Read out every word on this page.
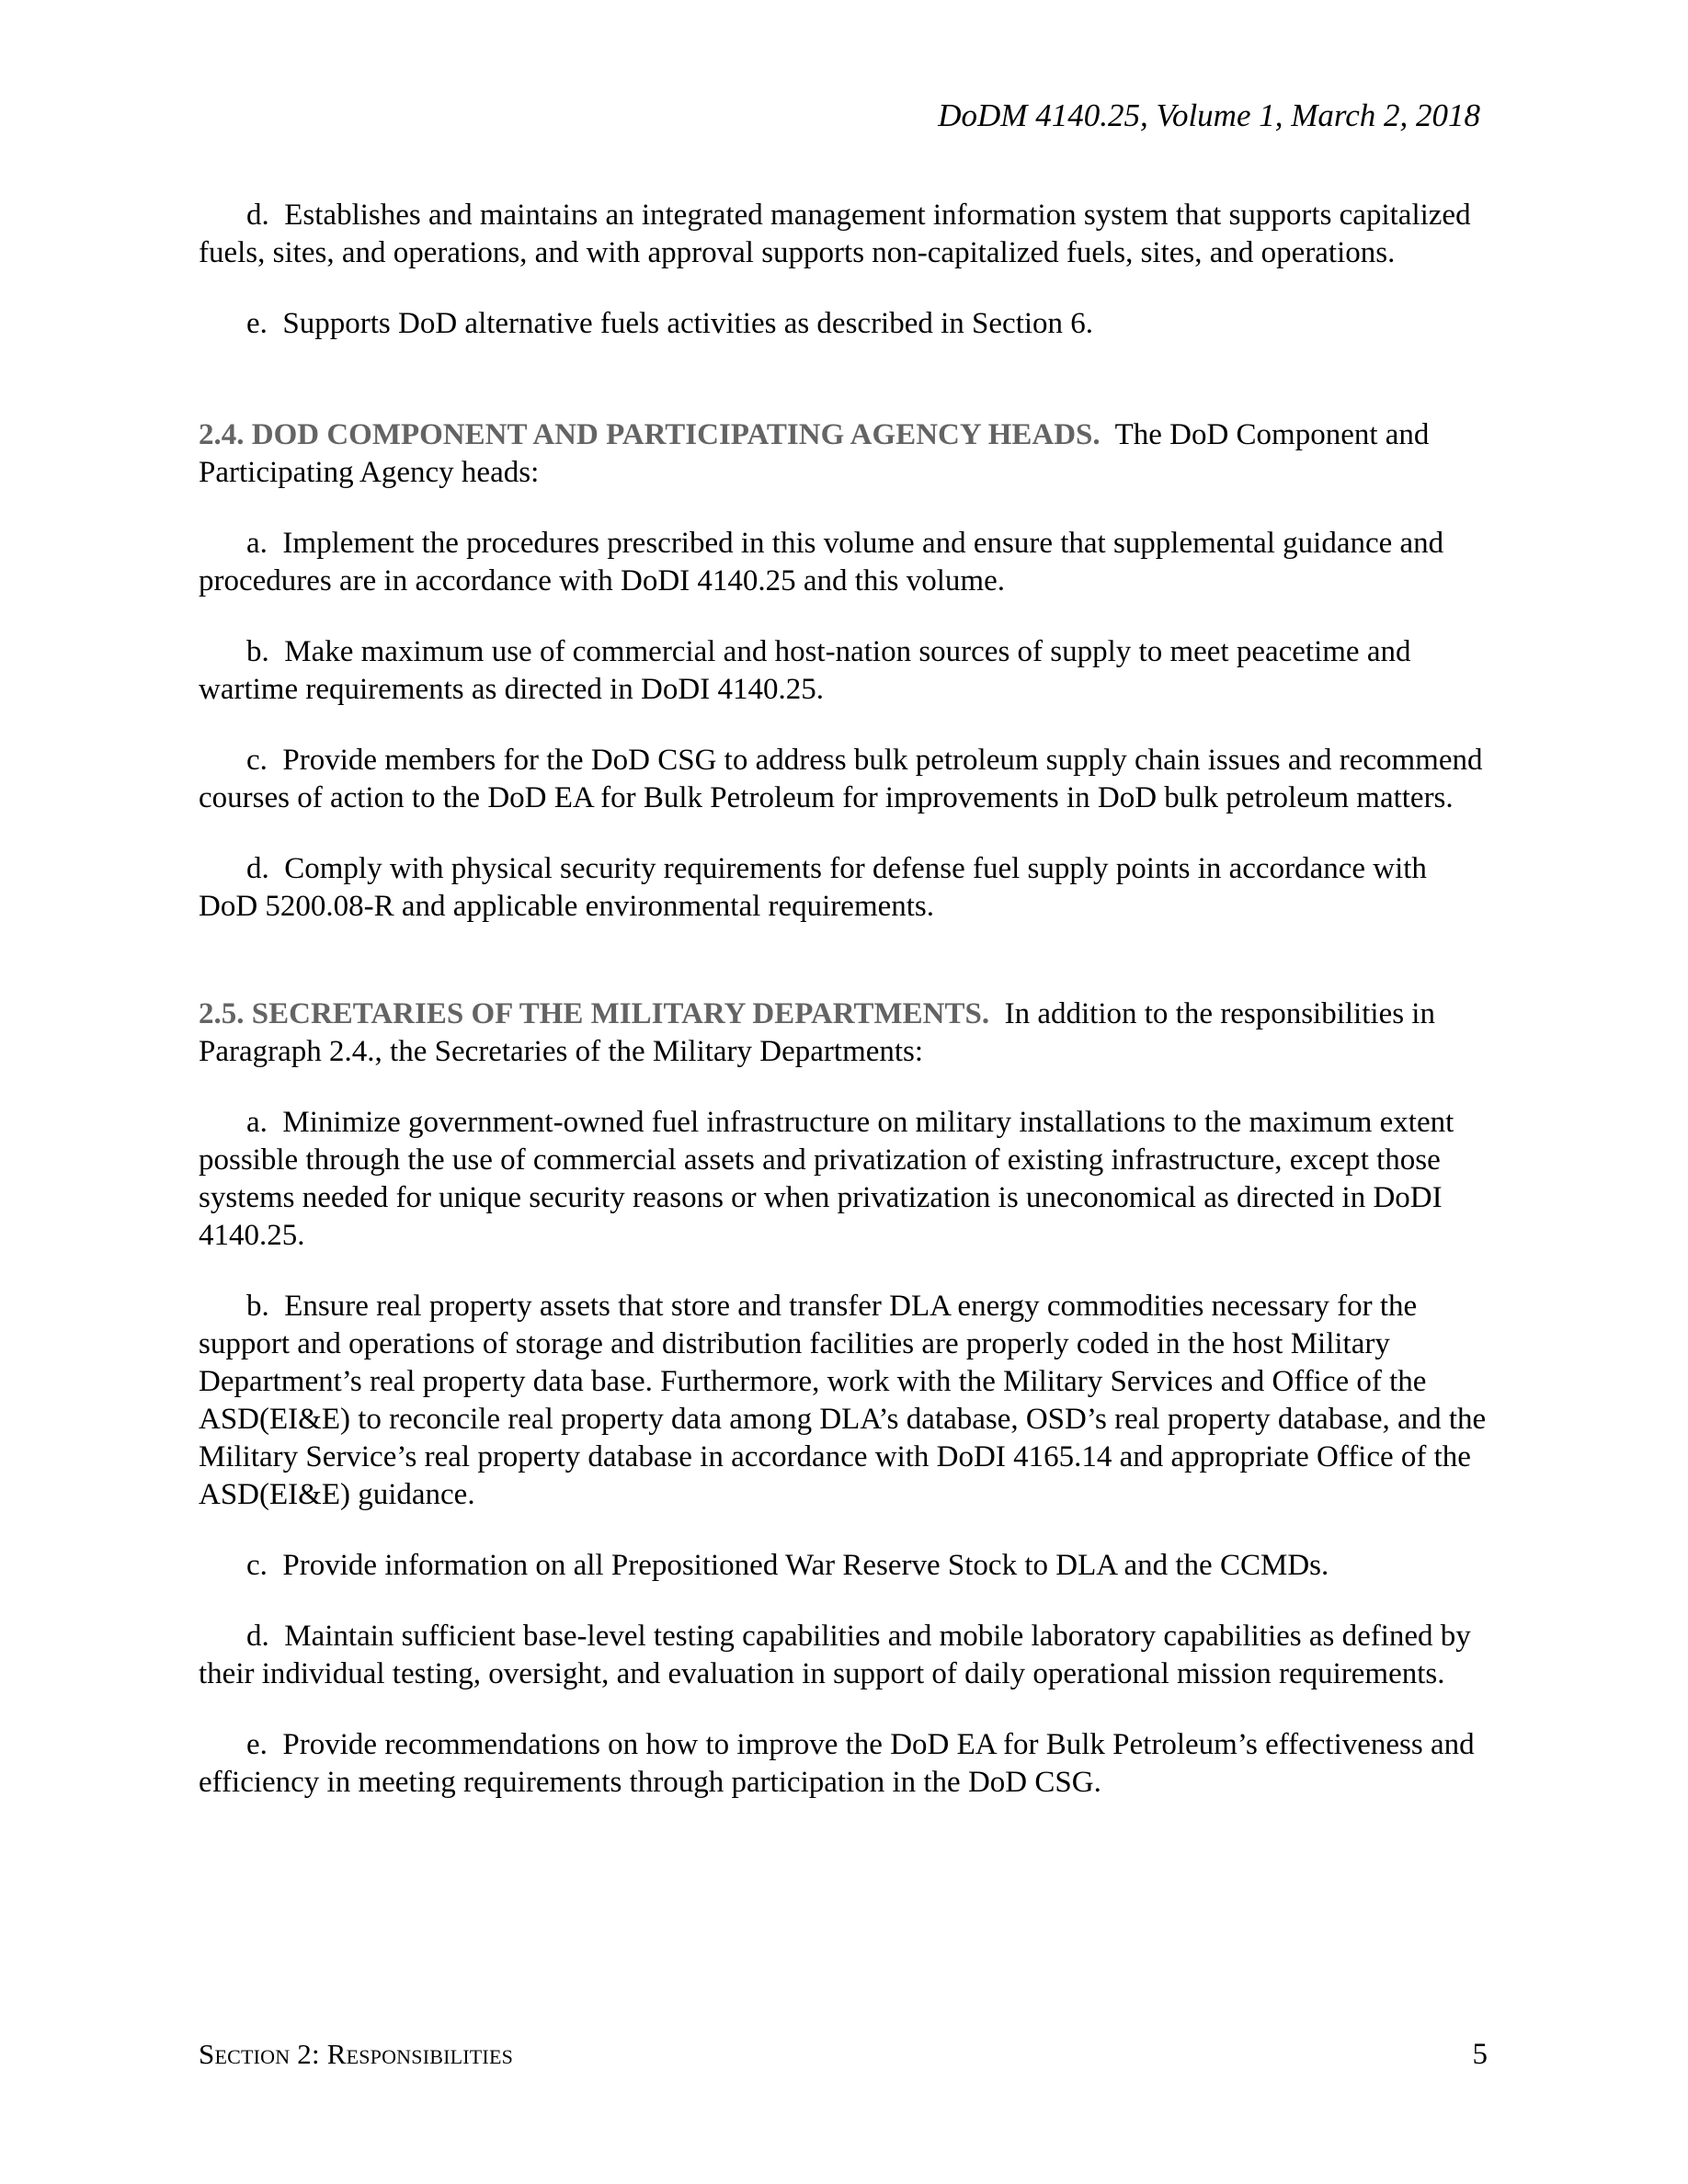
DoDM 4140.25, Volume 1, March 2, 2018

d. Establishes and maintains an integrated management information system that supports capitalized fuels, sites, and operations, and with approval supports non-capitalized fuels, sites, and operations.

e. Supports DoD alternative fuels activities as described in Section 6.

2.4. DOD COMPONENT AND PARTICIPATING AGENCY HEADS. The DoD Component and Participating Agency heads:

a. Implement the procedures prescribed in this volume and ensure that supplemental guidance and procedures are in accordance with DoDI 4140.25 and this volume.

b. Make maximum use of commercial and host-nation sources of supply to meet peacetime and wartime requirements as directed in DoDI 4140.25.

c. Provide members for the DoD CSG to address bulk petroleum supply chain issues and recommend courses of action to the DoD EA for Bulk Petroleum for improvements in DoD bulk petroleum matters.

d. Comply with physical security requirements for defense fuel supply points in accordance with DoD 5200.08-R and applicable environmental requirements.

2.5. SECRETARIES OF THE MILITARY DEPARTMENTS. In addition to the responsibilities in Paragraph 2.4., the Secretaries of the Military Departments:

a. Minimize government-owned fuel infrastructure on military installations to the maximum extent possible through the use of commercial assets and privatization of existing infrastructure, except those systems needed for unique security reasons or when privatization is uneconomical as directed in DoDI 4140.25.

b. Ensure real property assets that store and transfer DLA energy commodities necessary for the support and operations of storage and distribution facilities are properly coded in the host Military Department’s real property data base. Furthermore, work with the Military Services and Office of the ASD(EI&E) to reconcile real property data among DLA’s database, OSD’s real property database, and the Military Service’s real property database in accordance with DoDI 4165.14 and appropriate Office of the ASD(EI&E) guidance.

c. Provide information on all Prepositioned War Reserve Stock to DLA and the CCMDs.

d. Maintain sufficient base-level testing capabilities and mobile laboratory capabilities as defined by their individual testing, oversight, and evaluation in support of daily operational mission requirements.

e. Provide recommendations on how to improve the DoD EA for Bulk Petroleum’s effectiveness and efficiency in meeting requirements through participation in the DoD CSG.

Section 2: Responsibilities	5
